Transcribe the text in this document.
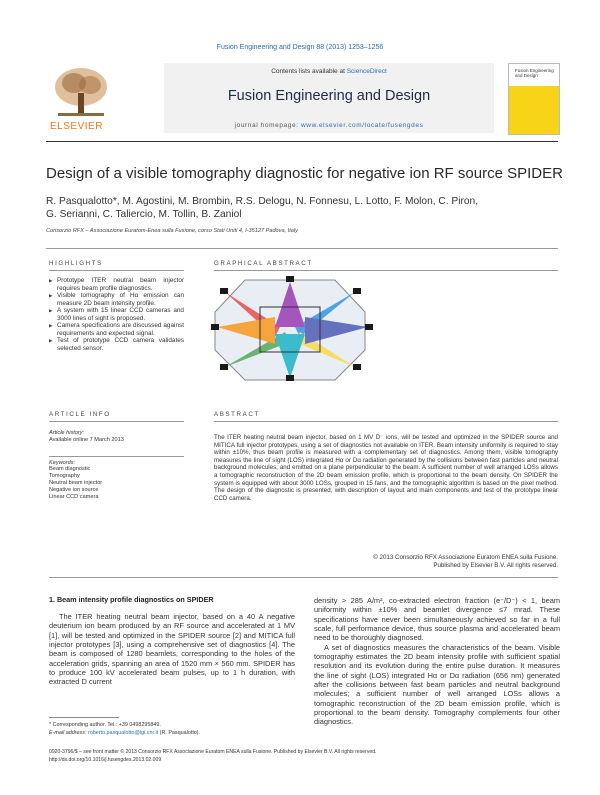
Fusion Engineering and Design 88 (2013) 1253–1256
ELSEVIER
Contents lists available at ScienceDirect
Fusion Engineering and Design
journal homepage: www.elsevier.com/locate/fusengdes
Fusion Engineering and Design
Design of a visible tomography diagnostic for negative ion RF source SPIDER
R. Pasqualotto*, M. Agostini, M. Brombin, R.S. Delogu, N. Fonnesu, L. Lotto, F. Molon, C. Piron,
G. Serianni, C. Taliercio, M. Tollin, B. Zaniol
Consorzio RFX – Associazione Euratom-Enea sulla Fusione, corso Stati Uniti 4, I-35127 Padova, Italy
HIGHLIGHTS
▶ Prototype ITER neutral beam injector requires beam profile diagnostics.
▶ Visible tomography of Hα emission can measure 2D beam intensity profile.
▶ A system with 15 linear CCD cameras and 3000 lines of sight is proposed.
▶ Camera specifications are discussed against requirements and expected signal.
▶ Test of prototype CCD camera validates selected sensor.
GRAPHICAL ABSTRACT
ARTICLE INFO
Article history:
Available online 7 March 2013
Keywords:
Beam diagnostic
Tomography
Neutral beam injector
Negative ion source
Linear CCD camera
ABSTRACT
The ITER heating neutral beam injector, based on 1 MV D⁻ ions, will be tested and optimized in the SPIDER source and MITICA full injector prototypes, using a set of diagnostics not available on ITER. Beam intensity uniformity is required to stay within ±10%, thus beam profile is measured with a complementary set of diagnostics. Among them, visible tomography measures the line of sight (LOS) integrated Hα or Dα radiation generated by the collisions between fast particles and neutral background molecules, and emitted on a plane perpendicular to the beam. A sufficient number of well arranged LOSs allows a tomographic reconstruction of the 2D beam emission profile, which is proportional to the beam density. On SPIDER the system is equipped with about 3000 LOSs, grouped in 15 fans, and the tomographic algorithm is based on the pixel method. The design of the diagnostic is presented, with description of layout and main components and test of the prototype linear CCD camera.
© 2013 Consorzio RFX Associazione Euratom ENEA sulla Fusione.
Published by Elsevier B.V. All rights reserved.
1. Beam intensity profile diagnostics on SPIDER
The ITER heating neutral beam injector, based on a 40 A negative deuterium ion beam produced by an RF source and accelerated at 1 MV [1], will be tested and optimized in the SPIDER source [2] and MITICA full injector prototypes [3], using a comprehensive set of diagnostics [4]. The beam is composed of 1280 beamlets, corresponding to the holes of the acceleration grids, spanning an area of 1520 mm × 560 mm. SPIDER has to produce 100 kV accelerated beam pulses, up to 1 h duration, with extracted D current
density > 285 A/m², co-extracted electron fraction (e⁻/D⁻) < 1, beam uniformity within ±10% and beamlet divergence ≤7 mrad. These specifications have never been simultaneously achieved so far in a full scale, full performance device, thus source plasma and accelerated beam need to be thoroughly diagnosed.
A set of diagnostics measures the characteristics of the beam. Visible tomography estimates the 2D beam intensity profile with sufficient spatial resolution and its evolution during the entire pulse duration. It measures the line of sight (LOS) integrated Hα or Dα radiation (656 nm) generated after the collisions between fast beam particles and neutral background molecules; a sufficient number of well arranged LOSs allows a tomographic reconstruction of the 2D beam emission profile, which is proportional to the beam density. Tomography complements four other diagnostics.
* Corresponding author. Tel.: +39 0498295849.
E-mail address: roberto.pasqualotto@igi.cnr.it (R. Pasqualotto).
0920-3796/$ – see front matter © 2013 Consorzio RFX Associazione Euratom ENEA sulla Fusione. Published by Elsevier B.V. All rights reserved.
http://dx.doi.org/10.1016/j.fusengdes.2013.02.009
